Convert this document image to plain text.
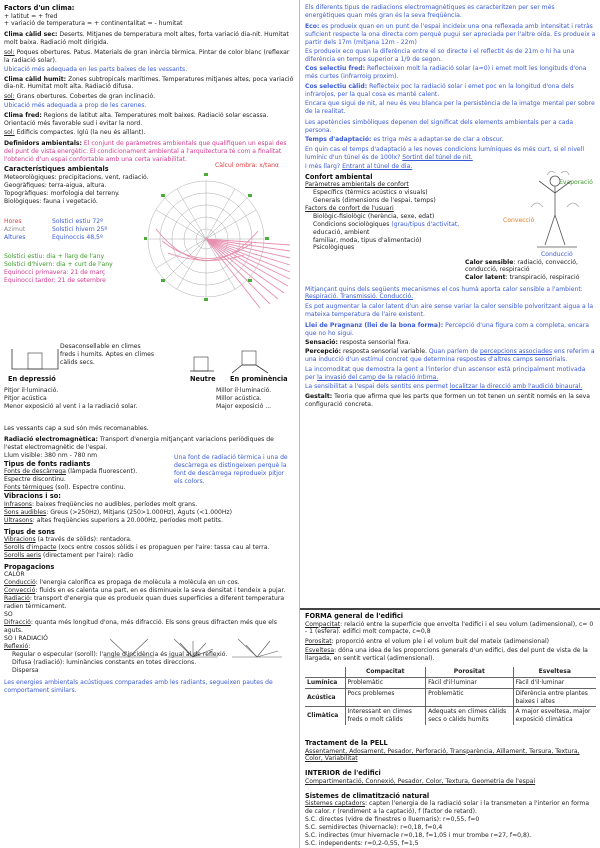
Factors d'un clima:
+ latitut = + fred
+ variació de temperatura = + continentalitat = - humitat
Clima càlid sec: Deserts. Mitjanes de temperatura molt altes, forta variació dia-nit. Humitat molt baixa. Radiació molt dirigida.
sol: Poques obertures. Patus. Materials de gran inèrcia tèrmica. Pintar de color blanc (reflexar la radiació solar).
Ubicació més adequada en les parts baixes de les vessants.
Clima càlid humit: Zones subtropicals marítimes. Temperatures mitjanes altes, poca variació dia-nit. Humitat molt alta. Radiació difusa.
sol: Grans obertures. Cobertes de gran inclinació.
Ubicació més adequada a prop de les carenes.
Clima fred: Regions de latitut alta. Temperatures molt baixes. Radiació solar escassa. Orientació més favorable sud i evitar la nord.
sol: Edificis compactes. Iglú (la neu és aïllant).
Definidors ambientals: El conjunt de paràmetres ambientals que qualifiquen un espai des del punt de vista energètic. El condicionament ambiental a l'arquitectura té com a finalitat l'obtenció d'un espai confortable amb una certa variabilitat.
Característiques ambientals
Meteorològiques: precipitacions, vent, radiació.
Geogràfiques: terra-aigua, altura.
Topogràfiques: morfologia del terreny.
Biològiques: fauna i vegetació.
Hores	Solstici estiu 72º
Azimut	Solstici hivern 25º
Altures	Equinoccis 48,5º
Solstici estiu: dia + llarg de l'any
Solstici d'hivern: dia + curt de l'any
Equinocci primavera: 21 de març
Equinocci tardor: 21 de setembre
Càlcul ombra: x/tanα
Desaconsellable en climes freds i humits. Aptes en climes càlids secs.
En depressió	Neutre En prominència
Pitjor il·luminació.
Pitjor acústica
Menor exposició al vent i a la radiació solar.
Millor il·luminació.
Millor acústica.
Major exposició ...
Les vessants cap a sud són més recomanables.
Radiació electromagnètica: Transport d'energia mitjançant variacions periòdiques de l'estat electromagnètic de l'espai.
Llum visible: 380 nm - 780 nm	Una font de radiació tèrmica i una de descàrrega es distingeixen perquè la font de descàrrega reprodueix pitjor els colors.
Tipus de fonts radiants
Fonts de descàrrega (làmpada fluorescent).
Espectre discontinu.
Fonts tèrmiques (sol). Espectre continu.
Vibracions i so:
Infrasons: baixes freqüències no audibles, períodes molt grans.
Sons audibles: Greus (>250Hz), Mitjans (250>1.000Hz), Aguts (<1.000Hz)
Ultrasons: altes freqüències superiors a 20.000Hz, períodes molt petits.
Tipus de sons
Vibracions (a través de sòlids): rentadora.
Sorolls d'impacte (xocs entre cossos sòlids i es propaguen per l'aire: tassa cau al terra.
Sorolls aeris (directament per l'aire): ràdio
Propagacions
CALOR
Conducció: l'energia calorífica es propaga de molècula a molècula en un cos.
Convecció: fluids en es calenta una part, en es disminueix la seva densitat i tendeix a pujar.
Radiació: transport d'energia que es produeix quan dues superfícies a diferent temperatura radien tèrmicament.
SO
Difracció: quanta més longitud d'ona, més difracció. Els sons greus difracten més que els aguts.
SO I RADIACIÓ
Reflexió:
Regular o especular (soroll): l'angle d'incidència és igual al de reflexió.
Difusa (radiació): luminàncies constants en totes direccions.
Dispersa
Les energies ambientals acústiques comparades amb les radiants, segueixen pautes de comportament similars.
Els diferents tipus de radiacions electromagnètiques es caracteritzen per ser més energètiques quan més gran és la seva freqüència.
Eco: es produeix quan en un punt de l'espai incideix una ona reflexada amb intensitat i retràs suficient respecte la ona directa com perquè pugui ser apreciada per l'altre oïda. Es produeix a partir dels 17m (mitjana 12m - 22m)
Es produeix eco quan la diferència entre el so directe i el reflectit és de 21m o hi ha una diferència en temps superior a 1/9 de segon.
Cos selectiu fred: Reflecteixen molt la radiació solar (a≈0) i emet molt les longituds d'ona més curtes (infrarroig proxim).
Cos selectiu càlid: Reflecteix poc la radiació solar i emet poc en la longitud d'ona dels infrarojos, per la qual cosa es manté calent.
Encara que sigui de nit, al neu és veu blanca per la persistència de la imatge mental per sobre de la realitat.
Les apetències simbòliques depenen del significat dels elements ambientals per a cada persona.
Temps d'adaptació: es triga més a adaptar-se de clar a obscur.
En quin cas el temps d'adaptació a les noves condicions lumíniques és més curt, si el nivell lumínic d'un túnel és de 100lx? Sortint del túnel de nit.
I més llarg? Entrant al túnel de dia.
Confort ambiental
Paràmetres ambientals de confort
Específics (tèrmics acústics o visuals)
Generals (dimensions de l'espai, temps)
Factors de confort de l'usuari
Biològic-fisiològic (herència, sexe, edat)
Condicions sociològiques (grau/tipus d'activitat,
educació, ambient
familiar, moda, tipus d'alimentació)
Psicològiques
Evaporació
Convecció
Conducció
Calor sensible: radiació, convecció, conducció, respiració
Calor latent: transpiració, respiració
Mitjançant quins dels següents mecanismes el cos humà aporta calor sensible a l'ambient: Respiració. Transmissió. Conducció.
Es pot augmentar la calor latent d'un aire sense variar la calor sensible polvoritzant aigua a la mateixa temperatura de l'aire existent.
Llei de Pragnanz (llei de la bona forma): Percepció d'una figura com a completa, encara que no ho sigui.
Sensació: resposta sensorial fixa.
Percepció: resposta sensorial variable. Quan parlem de percepcions associades ens referim a una inducció d'un estímul concret que determina respostes d'altres camps sensorials.
La incomoditat que demostra la gent a l'interior d'un ascensor està principalment motivada per la invasió del camp de la relació íntima.
La sensibilitat a l'espai dels sentits ens permet localitzar la direcció amb l'audició binaural.
Gestalt: Teoria que afirma que les parts que formen un tot tenen un sentit només en la seva configuració concreta.
FORMA general de l'edifici
Compacitat: relació entre la superfície que envolta l'edifici i el seu volum (adimensional), c= 0 - 1 (esfera). edifici molt compacte, c≈0,8
Porositat: proporció entre el volum ple i el volum buit del mateix (adimensional)
Esveltesa: dóna una idea de les proporcions generals d'un edifici, des del punt de vista de la llargada, en sentit vertical (adimensional).
	Compacitat	Porositat	Esveltesa
Lumínica	Problemàtic	Fàcil d'il·luminar	Fàcil d'il·luminar
Acústica	Pocs problemes	Problemàtic	Diferència entre plantes baixes i altes
Climàtica	Interessant en climes freds o molt càlids	Adequats en climes càlids secs o càlids humits	A major esveltesa, major exposició climàtica
Tractament de la PELL
Assentament, Adosament, Pesador, Perforació, Transparència, Aïllament, Tersura, Textura, Color, Variabilitat
INTERIOR de l'edifici
Compartimentació, Connexió, Pesador, Color, Textura, Geometria de l'espai
Sistemes de climatització natural
Sistemes captadors: capten l'energia de la radiació solar i la transmeten a l'interior en forma de calor. r (rendiment a la captació), f (factor de retard).
S.C. directes (vidre de finestres o lluernaris): r≈0,55, f=0
S.C. semidirectes (hivernacle): r≈0,18, f≈0,4
S.C. indirectes (mur hivernacle r≈0,18, f≈1,05 i mur trombe r≈27, f≈0,8).
S.C. independents: r≈0,2-0,55, f≈1,5
